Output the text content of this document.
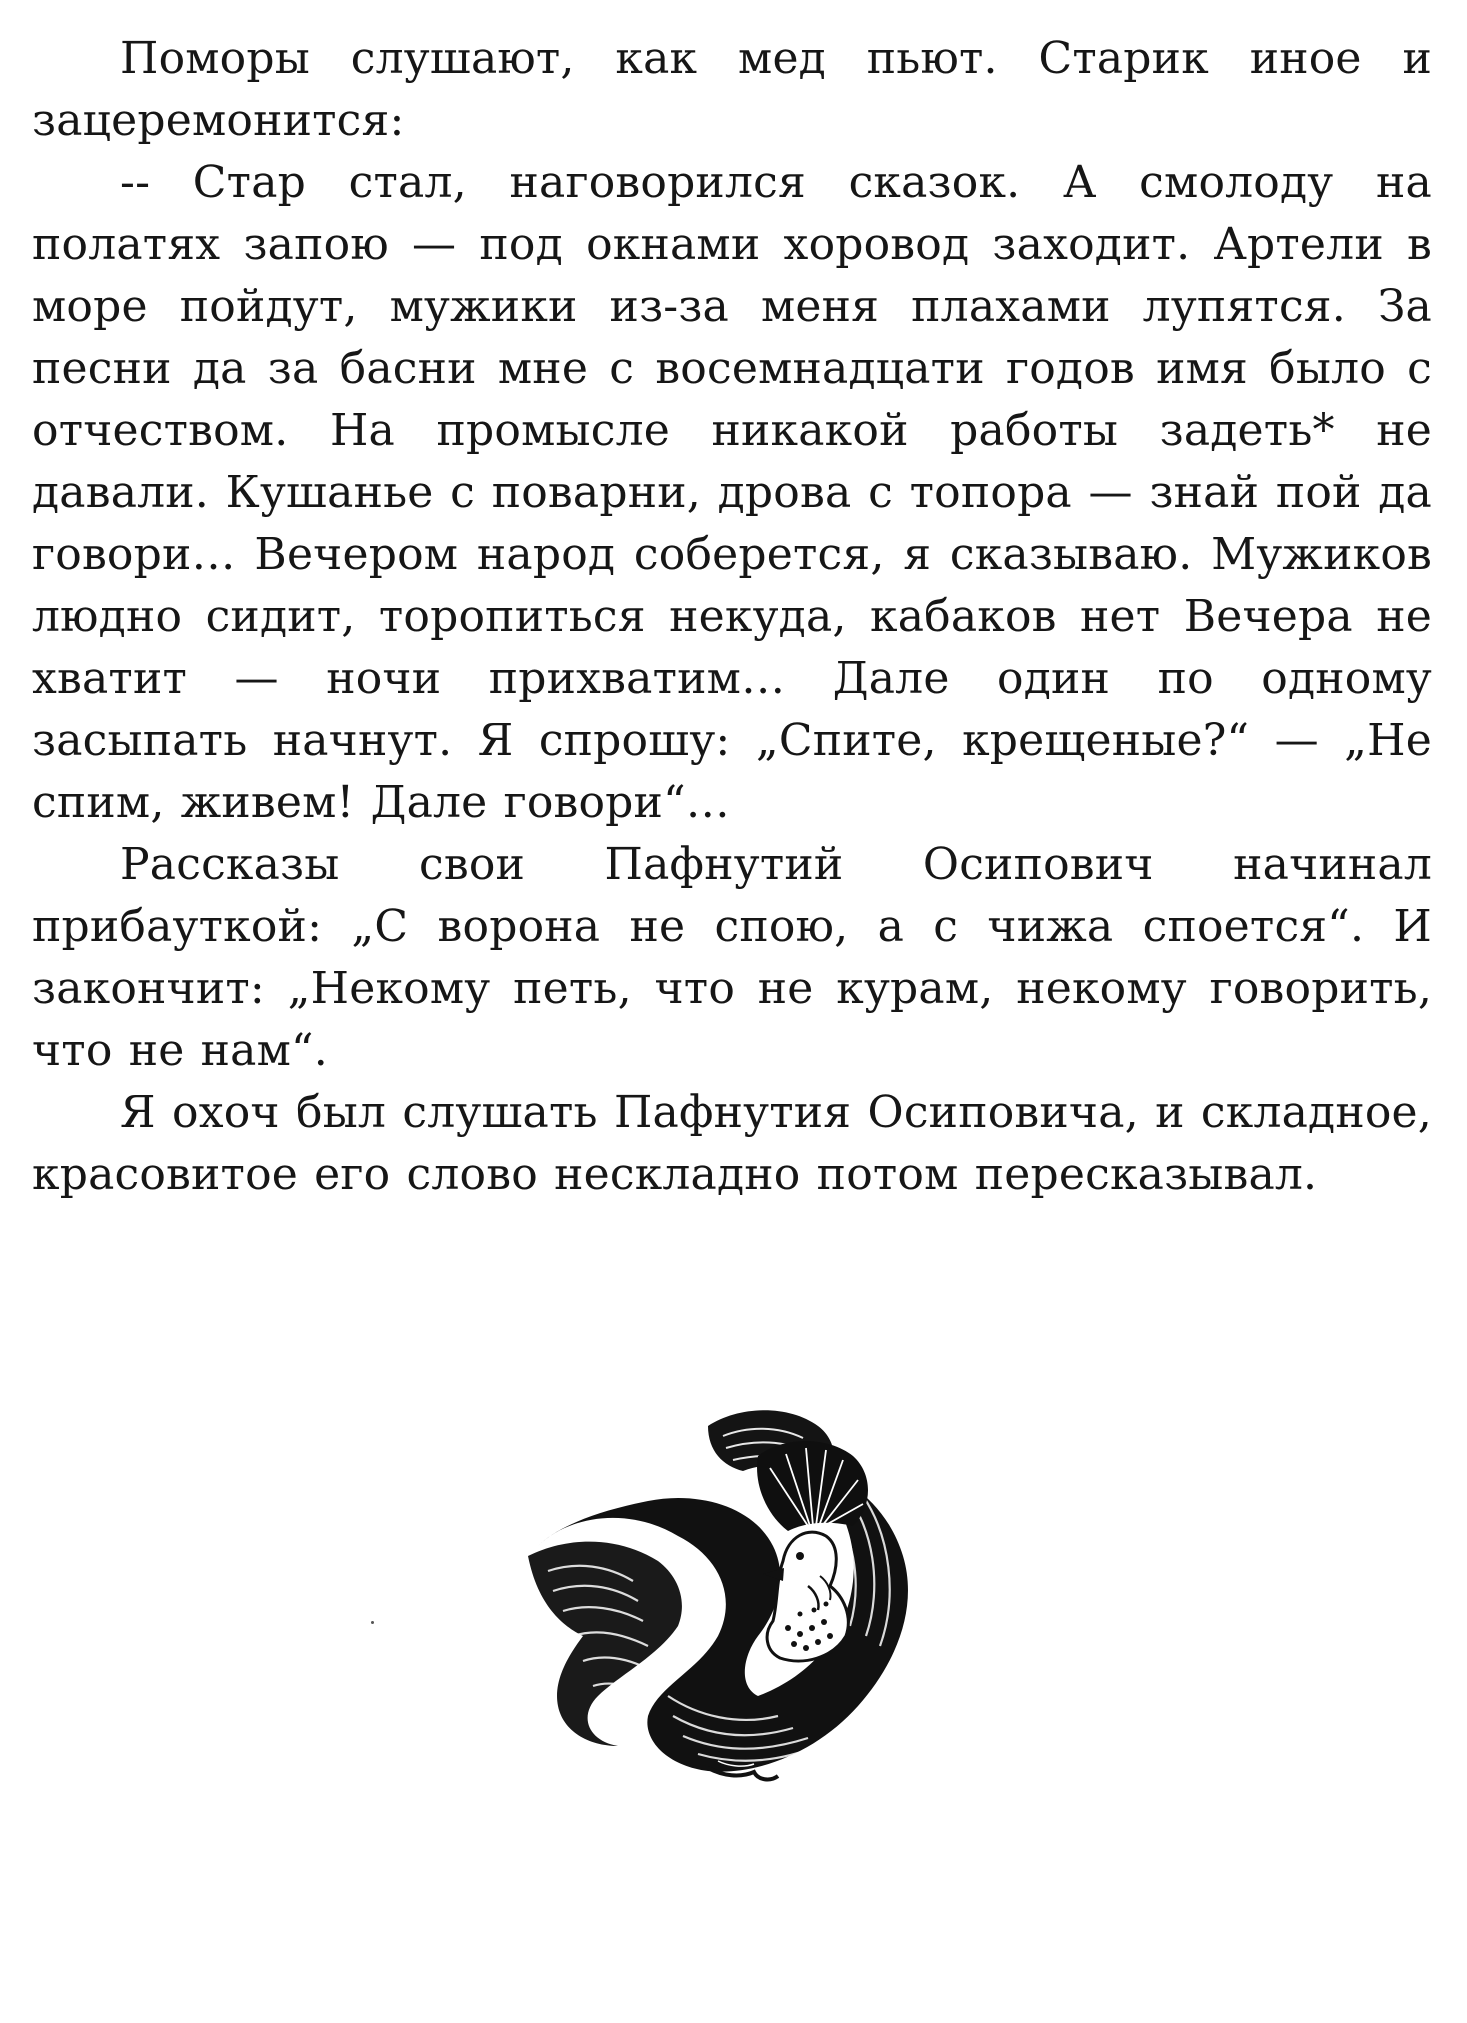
Поморы слушают, как мед пьют. Старик иное и зацеремонится:

-- Стар стал, наговорился сказок. А смолоду на полатях запою — под окнами хоровод заходит. Артели в море пойдут, мужики из-за меня плахами лупятся. За песни да за басни мне с восемнадцати годов имя было с отчеством. На промысле никакой работы задеть* не давали. Кушанье с поварни, дрова с топора — знай пой да говори… Вечером народ соберется, я сказываю. Мужиков людно сидит, торопиться некуда, кабаков нет Вечера не хватит — ночи прихватим… Дале один по одному засыпать начнут. Я спрошу: „Спите, крещеные?“ — „Не спим, живем! Дале говори“…

Рассказы свои Пафнутий Осипович начинал прибауткой: „С ворона не спою, а с чижа споется“. И закончит: „Некому петь, что не курам, некому говорить, что не нам“.

Я охоч был слушать Пафнутия Осиповича, и складное, красовитое его слово нескладно потом пересказывал.
